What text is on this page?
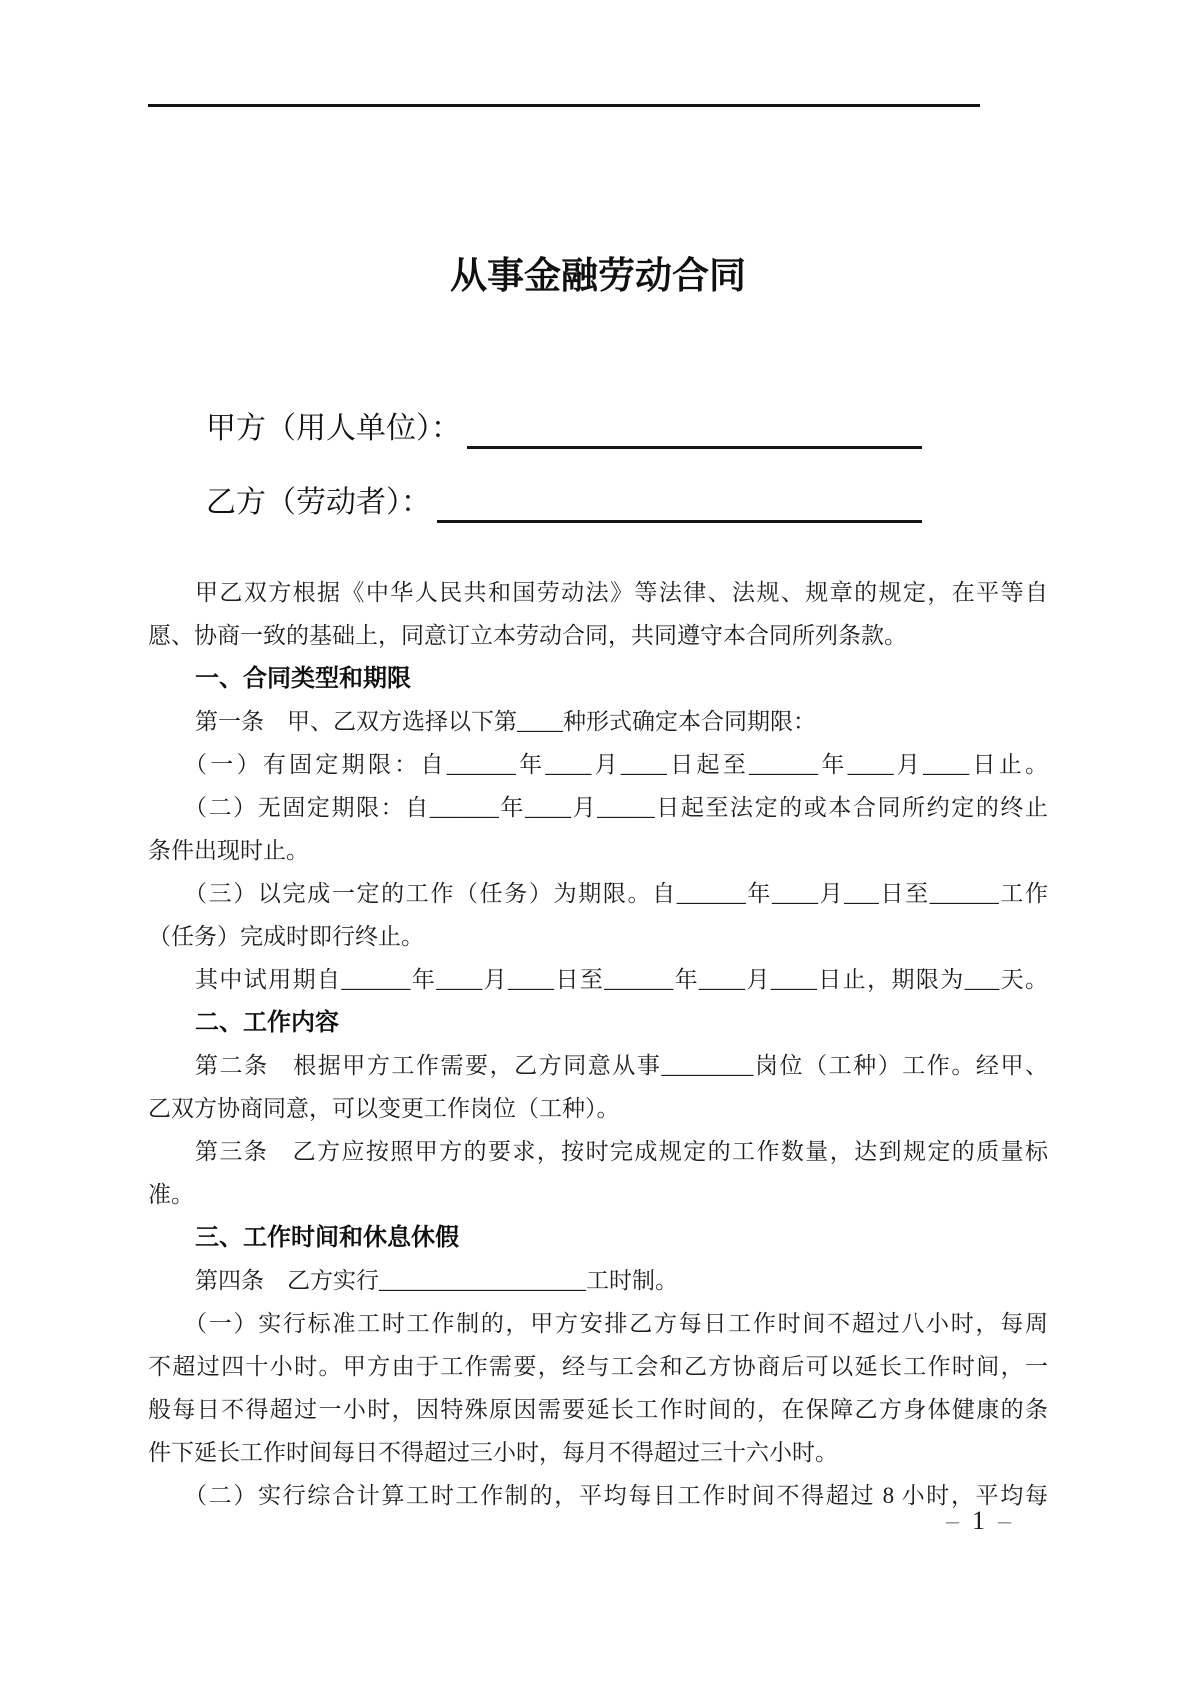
从事金融劳动合同
甲方（用人单位）：
乙方（劳动者）：
甲乙双方根据《中华人民共和国劳动法》等法律、法规、规章的规定，在平等自
愿、协商一致的基础上，同意订立本劳动合同，共同遵守本合同所列条款。
一、合同类型和期限
第一条　甲、乙双方选择以下第____种形式确定本合同期限：
（一）有固定期限：自______年____月____日起至______年____月____日止。
（二）无固定期限：自______年____月_____日起至法定的或本合同所约定的终止
条件出现时止。
（三）以完成一定的工作（任务）为期限。自______年____月___日至______工作
（任务）完成时即行终止。
其中试用期自______年____月____日至______年____月____日止，期限为___天。
二、工作内容
第二条　根据甲方工作需要，乙方同意从事________岗位（工种）工作。经甲、
乙双方协商同意，可以变更工作岗位（工种）。
第三条　乙方应按照甲方的要求，按时完成规定的工作数量，达到规定的质量标
准。
三、工作时间和休息休假
第四条　乙方实行__________________工时制。
（一）实行标准工时工作制的，甲方安排乙方每日工作时间不超过八小时，每周
不超过四十小时。甲方由于工作需要，经与工会和乙方协商后可以延长工作时间，一
般每日不得超过一小时，因特殊原因需要延长工作时间的，在保障乙方身体健康的条
件下延长工作时间每日不得超过三小时，每月不得超过三十六小时。
（二）实行综合计算工时工作制的，平均每日工作时间不得超过 8 小时，平均每
– 1 –
